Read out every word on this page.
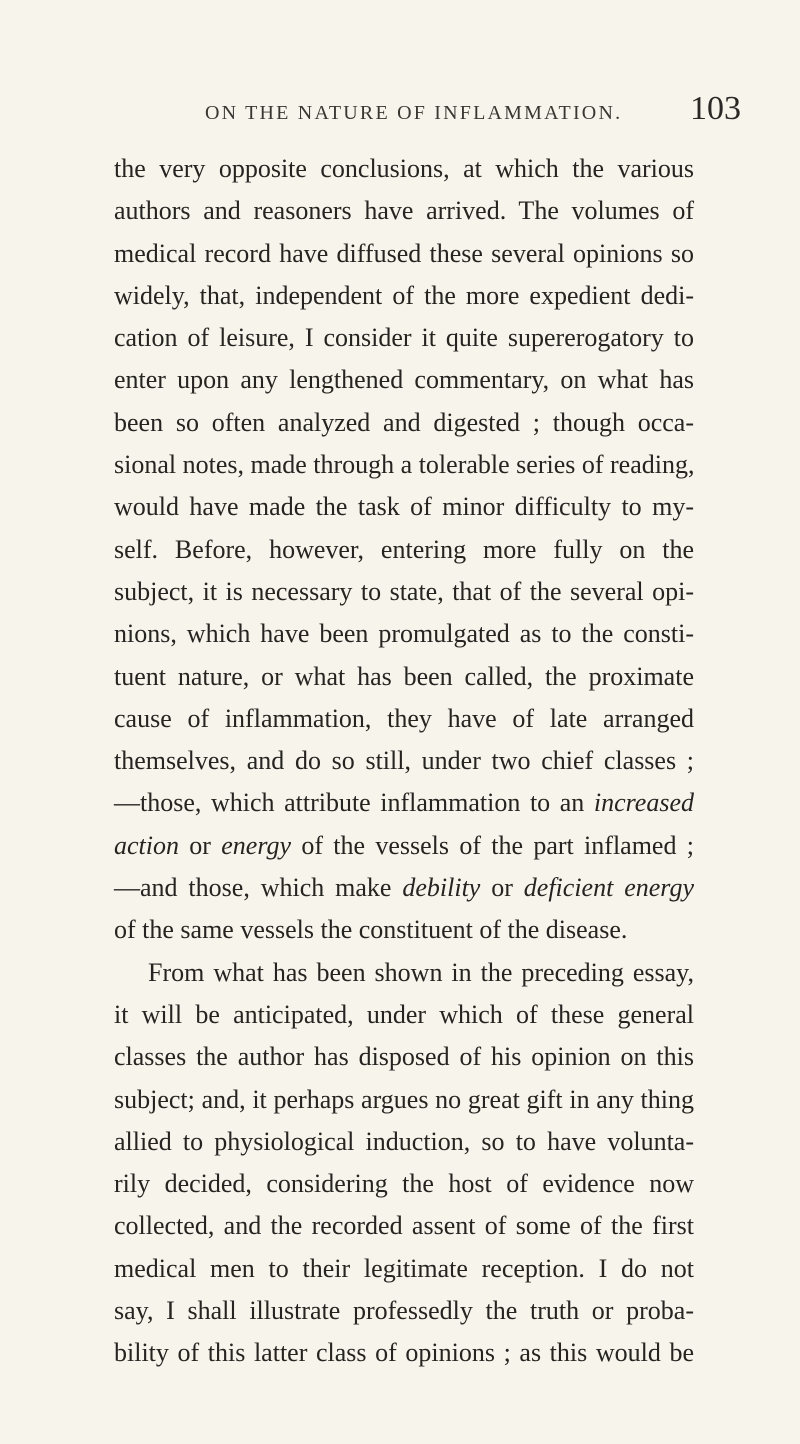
ON THE NATURE OF INFLAMMATION. 103
the very opposite conclusions, at which the various
authors and reasoners have arrived. The volumes of
medical record have diffused these several opinions so
widely, that, independent of the more expedient dedi-
cation of leisure, I consider it quite supererogatory to
enter upon any lengthened commentary, on what has
been so often analyzed and digested ; though occa-
sional notes, made through a tolerable series of reading,
would have made the task of minor difficulty to my-
self. Before, however, entering more fully on the
subject, it is necessary to state, that of the several opi-
nions, which have been promulgated as to the consti-
tuent nature, or what has been called, the proximate
cause of inflammation, they have of late arranged
themselves, and do so still, under two chief classes ;
—those, which attribute inflammation to an increased
action or energy of the vessels of the part inflamed ;
—and those, which make debility or deficient energy
of the same vessels the constituent of the disease.
From what has been shown in the preceding essay,
it will be anticipated, under which of these general
classes the author has disposed of his opinion on this
subject; and, it perhaps argues no great gift in any thing
allied to physiological induction, so to have volunta-
rily decided, considering the host of evidence now
collected, and the recorded assent of some of the first
medical men to their legitimate reception. I do not
say, I shall illustrate professedly the truth or proba-
bility of this latter class of opinions ; as this would be
